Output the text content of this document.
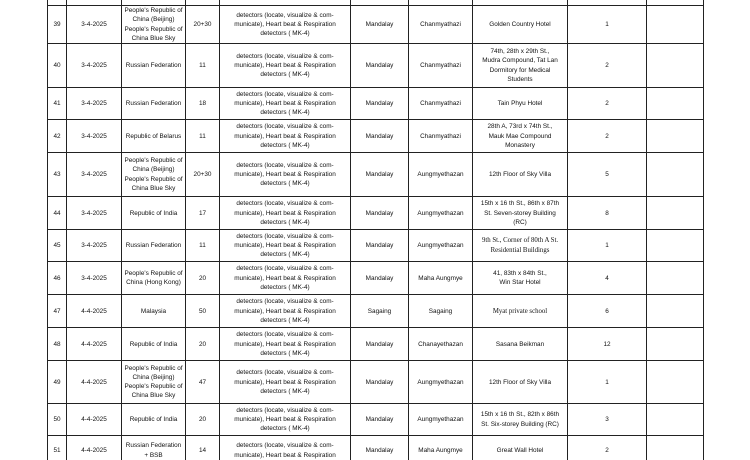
39	3-4-2025	People's Republic of
China (Beijing)
People's Republic of
China Blue Sky	20+30	detectors (locate, visualize & com-
municate), Heart beat & Respiration
detectors ( MK-4)	Mandalay	Chanmyathazi	Golden Country Hotel	1	
40	3-4-2025	Russian Federation	11	detectors (locate, visualize & com-
municate), Heart beat & Respiration
detectors ( MK-4)	Mandalay	Chanmyathazi	74th, 28th x 29th St.,
Mudra Compound, Tat Lan
Dormitory for Medical
Students	2	
41	3-4-2025	Russian Federation	18	detectors (locate, visualize & com-
municate), Heart beat & Respiration
detectors ( MK-4)	Mandalay	Chanmyathazi	Tain Phyu Hotel	2	
42	3-4-2025	Republic of Belarus	11	detectors (locate, visualize & com-
municate), Heart beat & Respiration
detectors ( MK-4)	Mandalay	Chanmyathazi	28th A, 73rd x 74th St.,
Mauk Mae Compound
Monastery	2	
43	3-4-2025	People's Republic of
China (Beijing)
People's Republic of
China Blue Sky	20+30	detectors (locate, visualize & com-
municate), Heart beat & Respiration
detectors ( MK-4)	Mandalay	Aungmyethazan	12th Floor of Sky Villa	5	
44	3-4-2025	Republic of India	17	detectors (locate, visualize & com-
municate), Heart beat & Respiration
detectors ( MK-4)	Mandalay	Aungmyethazan	15th x 16 th St., 86th x 87th
St. Seven-storey Building
(RC)	8	
45	3-4-2025	Russian Federation	11	detectors (locate, visualize & com-
municate), Heart beat & Respiration
detectors ( MK-4)	Mandalay	Aungmyethazan	9th St., Corner of 80th A St.
Residential Buildings	1	
46	3-4-2025	People's Republic of
China (Hong Kong)	20	detectors (locate, visualize & com-
municate), Heart beat & Respiration
detectors ( MK-4)	Mandalay	Maha Aungmye	41, 83th x 84th St.,
Win Star Hotel	4	
47	4-4-2025	Malaysia	50	detectors (locate, visualize & com-
municate), Heart beat & Respiration
detectors ( MK-4)	Sagaing	Sagaing	Myat private school	6	
48	4-4-2025	Republic of India	20	detectors (locate, visualize & com-
municate), Heart beat & Respiration
detectors ( MK-4)	Mandalay	Chanayethazan	Sasana Beikman	12	
49	4-4-2025	People's Republic of
China (Beijing)
People's Republic of
China Blue Sky	47	detectors (locate, visualize & com-
municate), Heart beat & Respiration
detectors ( MK-4)	Mandalay	Aungmyethazan	12th Floor of Sky Villa	1	
50	4-4-2025	Republic of India	20	detectors (locate, visualize & com-
municate), Heart beat & Respiration
detectors ( MK-4)	Mandalay	Aungmyethazan	15th x 16 th St., 82th x 86th
St. Six-storey Building (RC)	3	
51	4-4-2025	Russian Federation
+ BSB	14	detectors (locate, visualize & com-
municate), Heart beat & Respiration	Mandalay	Maha Aungmye	Great Wall Hotel	2	
